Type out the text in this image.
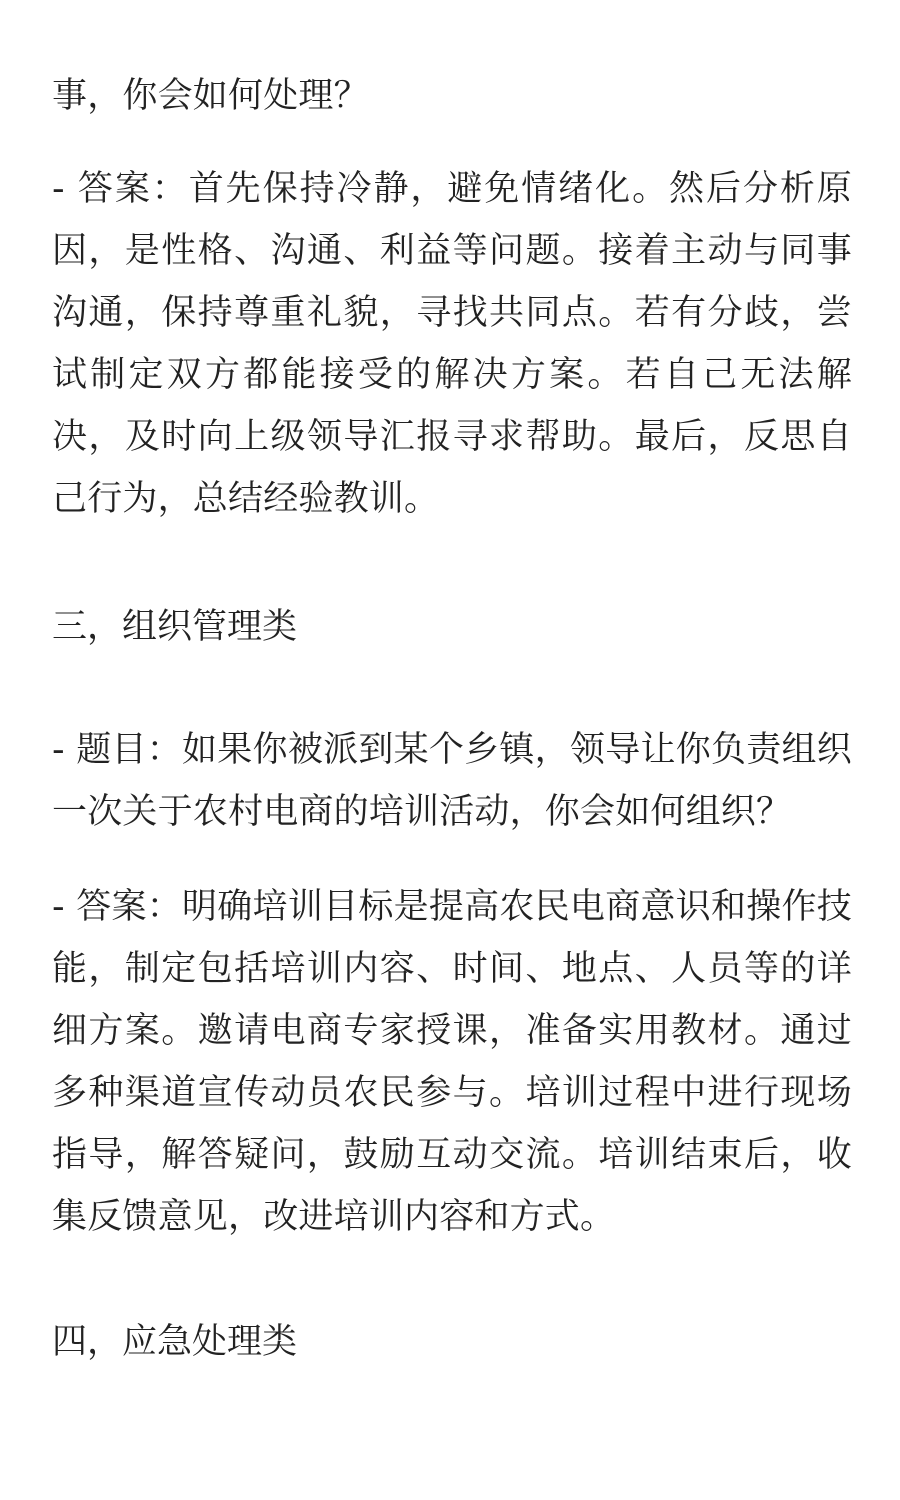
事，你会如何处理？

- 答案：首先保持冷静，避免情绪化。然后分析原因，是性格、沟通、利益等问题。接着主动与同事沟通，保持尊重礼貌，寻找共同点。若有分歧，尝试制定双方都能接受的解决方案。若自己无法解决，及时向上级领导汇报寻求帮助。最后，反思自己行为，总结经验教训。

三，组织管理类

- 题目：如果你被派到某个乡镇，领导让你负责组织一次关于农村电商的培训活动，你会如何组织？

- 答案：明确培训目标是提高农民电商意识和操作技能，制定包括培训内容、时间、地点、人员等的详细方案。邀请电商专家授课，准备实用教材。通过多种渠道宣传动员农民参与。培训过程中进行现场指导，解答疑问，鼓励互动交流。培训结束后，收集反馈意见，改进培训内容和方式。

四，应急处理类
